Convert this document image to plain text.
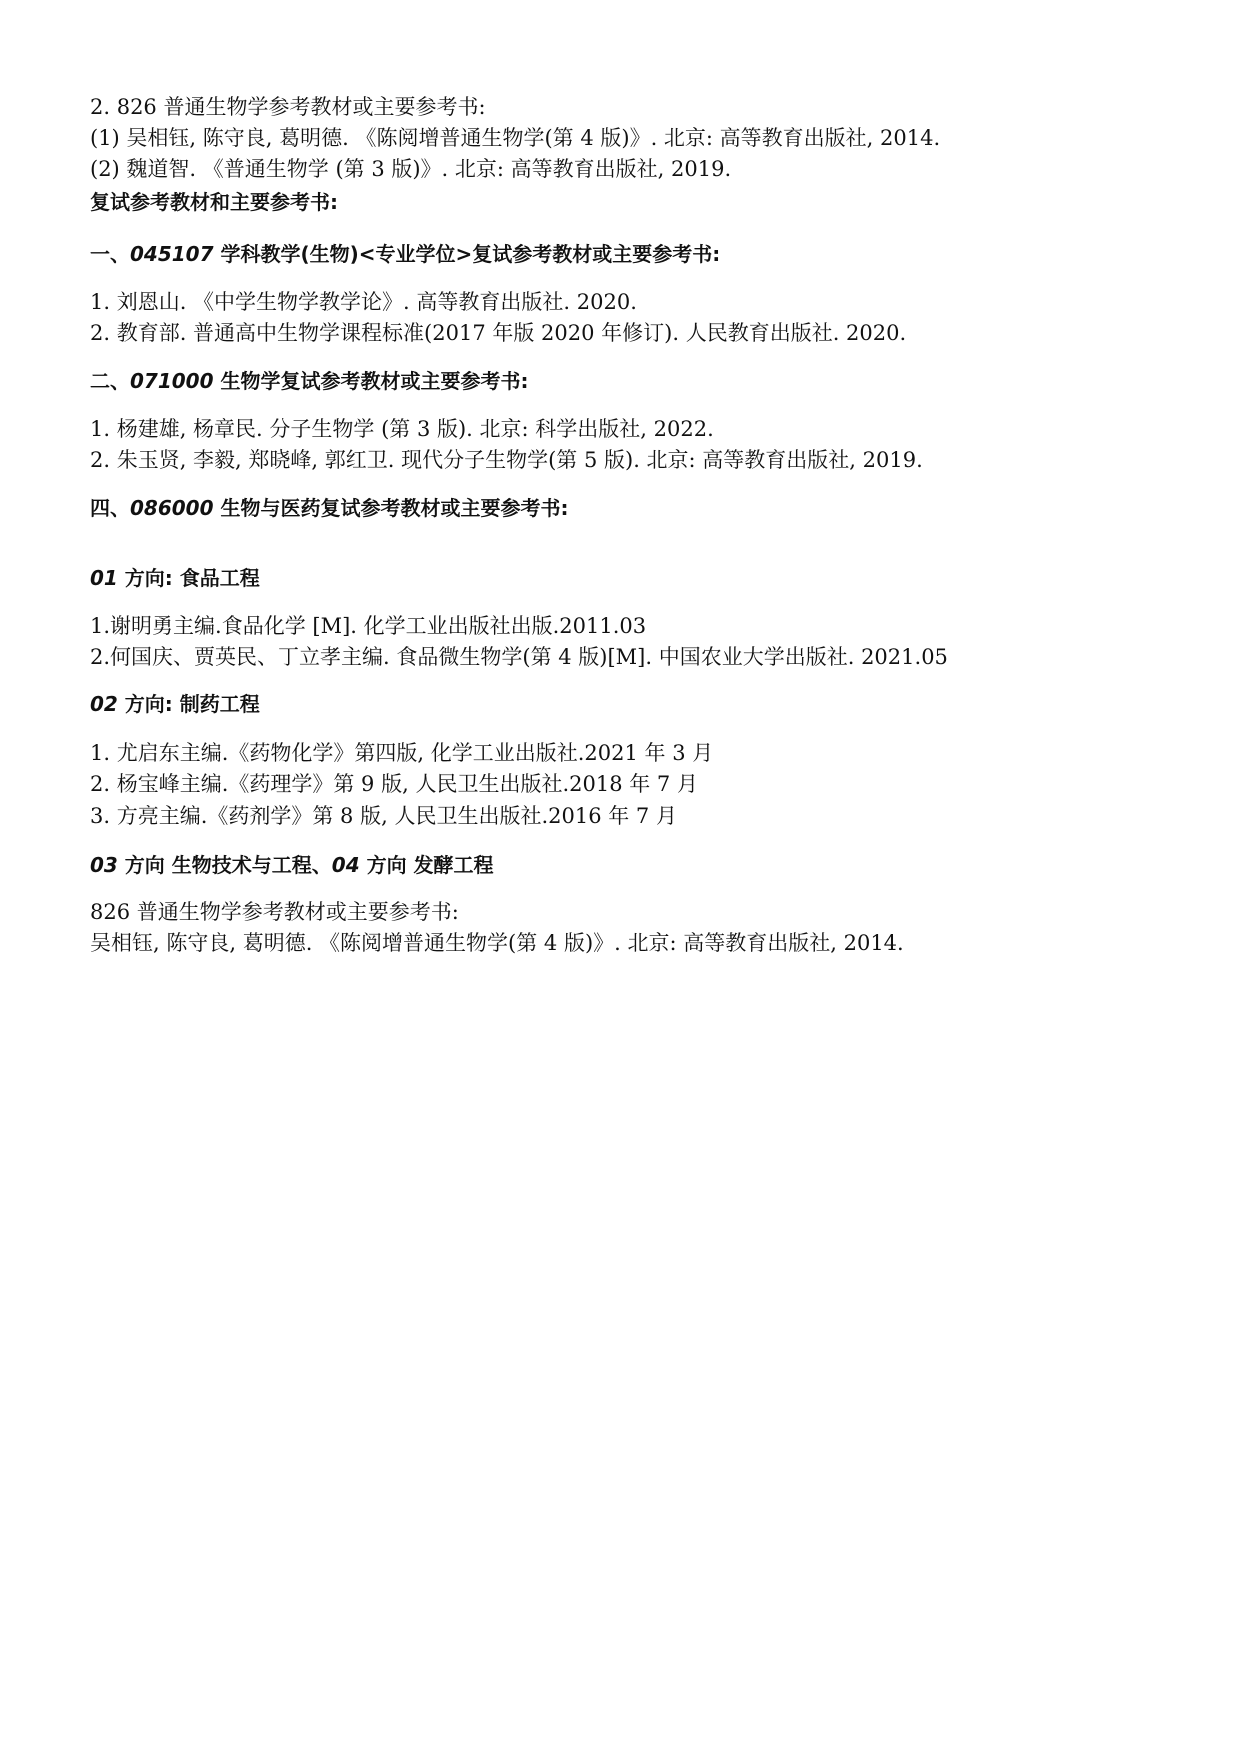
2. 826 普通生物学参考教材或主要参考书:
(1) 吴相钰, 陈守良, 葛明德. 《陈阅增普通生物学(第 4 版)》. 北京: 高等教育出版社, 2014.
(2) 魏道智. 《普通生物学 (第 3 版)》. 北京: 高等教育出版社, 2019.
复试参考教材和主要参考书:
一、045107 学科教学(生物)<专业学位>复试参考教材或主要参考书:
1. 刘恩山. 《中学生物学教学论》. 高等教育出版社. 2020.
2. 教育部. 普通高中生物学课程标准(2017 年版 2020 年修订). 人民教育出版社. 2020.
二、071000 生物学复试参考教材或主要参考书:
1. 杨建雄, 杨章民. 分子生物学 (第 3 版). 北京: 科学出版社, 2022.
2. 朱玉贤, 李毅, 郑晓峰, 郭红卫. 现代分子生物学(第 5 版). 北京: 高等教育出版社, 2019.
四、086000 生物与医药复试参考教材或主要参考书:
01 方向: 食品工程
1.谢明勇主编.食品化学 [M]. 化学工业出版社出版.2011.03
2.何国庆、贾英民、丁立孝主编. 食品微生物学(第 4 版)[M]. 中国农业大学出版社. 2021.05
02 方向: 制药工程
1. 尤启东主编.《药物化学》第四版, 化学工业出版社.2021 年 3 月
2. 杨宝峰主编.《药理学》第 9 版, 人民卫生出版社.2018 年 7 月
3. 方亮主编.《药剂学》第 8 版, 人民卫生出版社.2016 年 7 月
03 方向 生物技术与工程、04 方向 发酵工程
826 普通生物学参考教材或主要参考书:
吴相钰, 陈守良, 葛明德. 《陈阅增普通生物学(第 4 版)》. 北京: 高等教育出版社, 2014.
